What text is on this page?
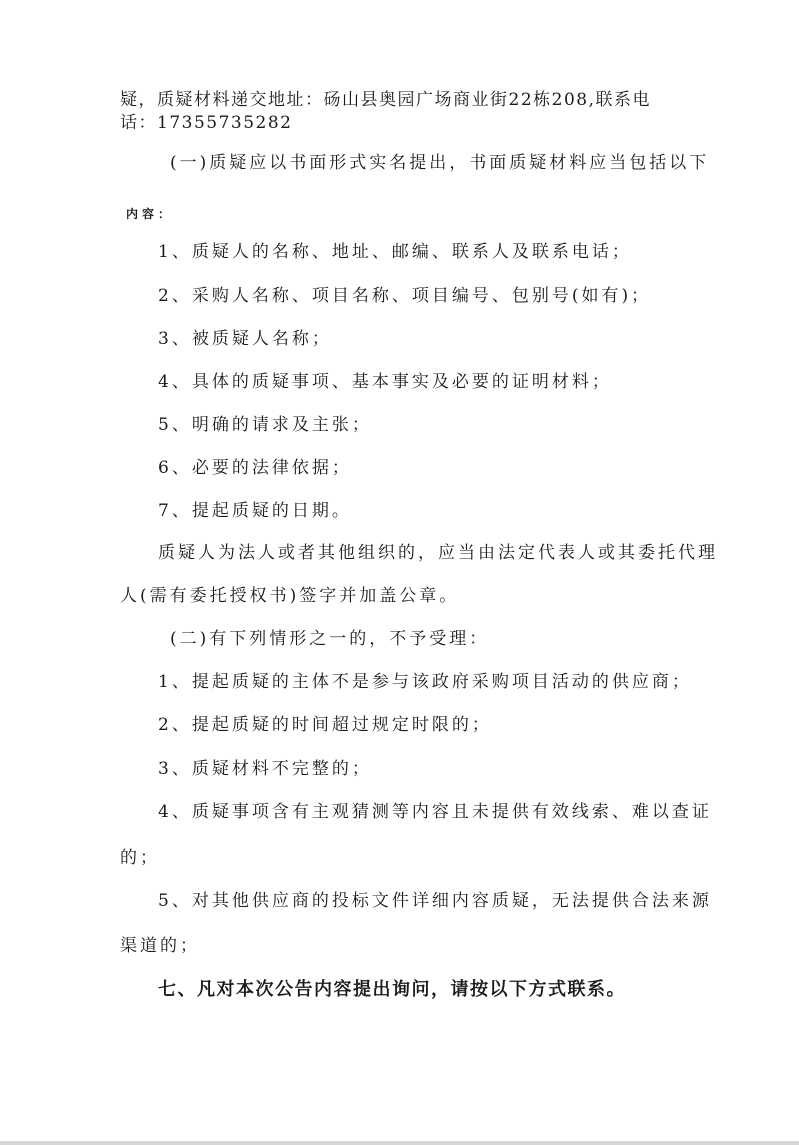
疑，质疑材料递交地址：砀山县奥园广场商业街22栋208,联系电
话：17355735282
(一)质疑应以书面形式实名提出，书面质疑材料应当包括以下
内容：
1、质疑人的名称、地址、邮编、联系人及联系电话；
2、采购人名称、项目名称、项目编号、包别号(如有)；
3、被质疑人名称；
4、具体的质疑事项、基本事实及必要的证明材料；
5、明确的请求及主张；
6、必要的法律依据；
7、提起质疑的日期。
质疑人为法人或者其他组织的，应当由法定代表人或其委托代理
人(需有委托授权书)签字并加盖公章。
(二)有下列情形之一的，不予受理：
1、提起质疑的主体不是参与该政府采购项目活动的供应商；
2、提起质疑的时间超过规定时限的；
3、质疑材料不完整的；
4、质疑事项含有主观猜测等内容且未提供有效线索、难以查证
的；
5、对其他供应商的投标文件详细内容质疑，无法提供合法来源
渠道的；
七、凡对本次公告内容提出询问，请按以下方式联系。
